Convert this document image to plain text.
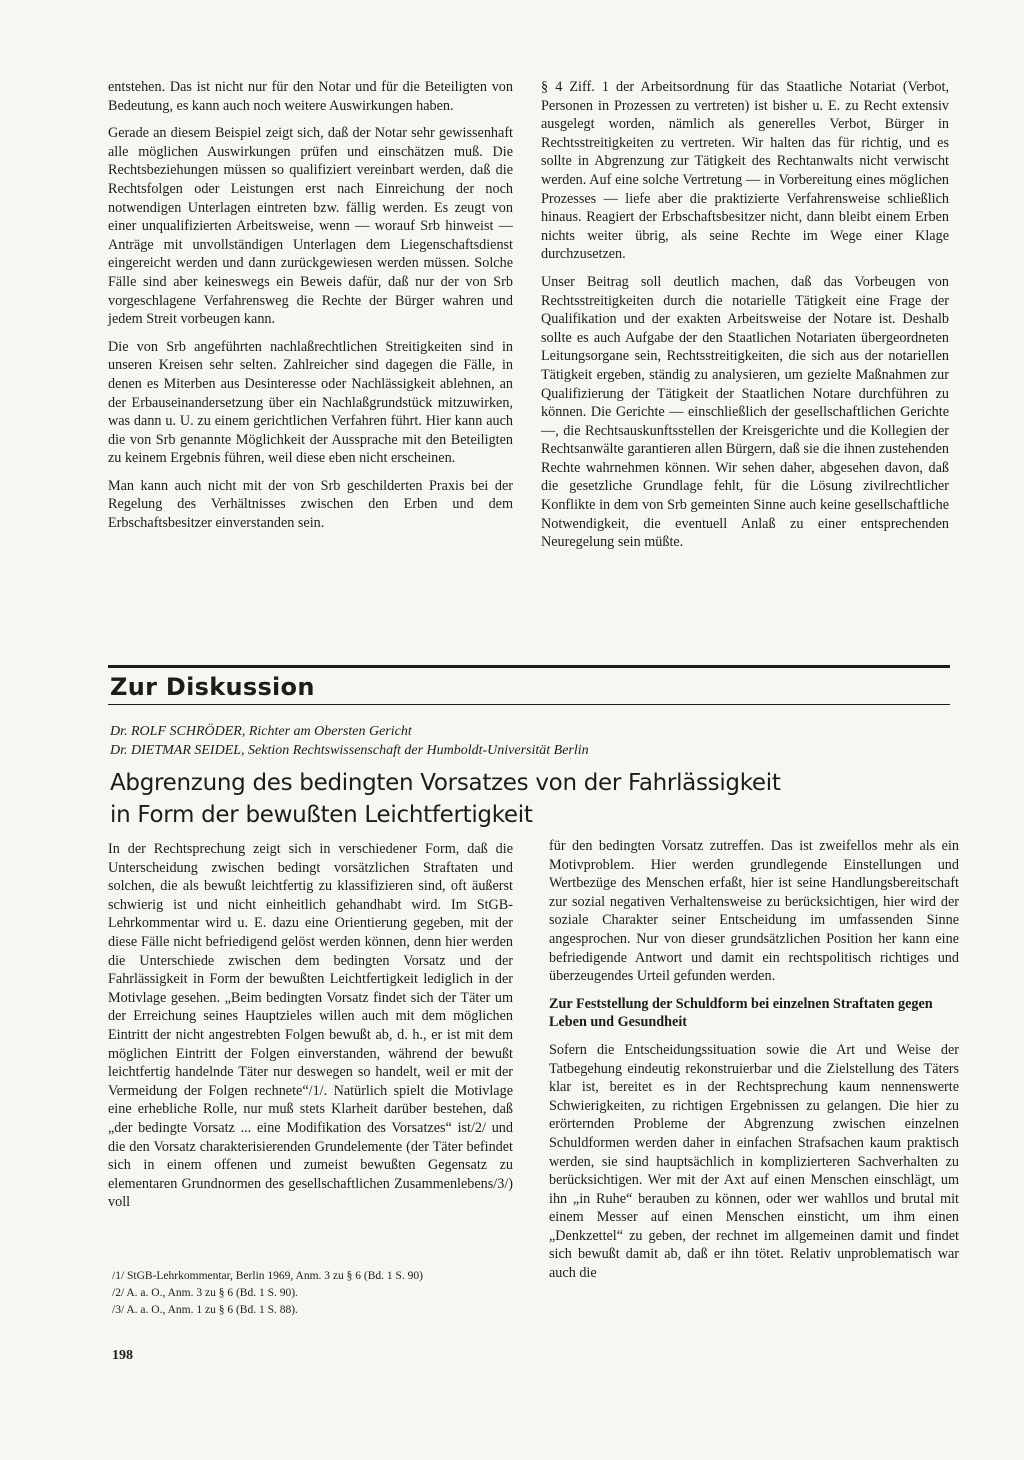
entstehen. Das ist nicht nur für den Notar und für die Beteiligten von Bedeutung, es kann auch noch weitere Auswirkungen haben.

Gerade an diesem Beispiel zeigt sich, daß der Notar sehr gewissenhaft alle möglichen Auswirkungen prüfen und einschätzen muß. Die Rechtsbeziehungen müssen so qualifiziert vereinbart werden, daß die Rechtsfolgen oder Leistungen erst nach Einreichung der noch notwendigen Unterlagen eintreten bzw. fällig werden. Es zeugt von einer unqualifizierten Arbeitsweise, wenn — worauf Srb hinweist — Anträge mit unvollständigen Unterlagen dem Liegenschaftsdienst eingereicht werden und dann zurückgewiesen werden müssen. Solche Fälle sind aber keineswegs ein Beweis dafür, daß nur der von Srb vorgeschlagene Verfahrensweg die Rechte der Bürger wahren und jedem Streit vorbeugen kann.

Die von Srb angeführten nachlaßrechtlichen Streitigkeiten sind in unseren Kreisen sehr selten. Zahlreicher sind dagegen die Fälle, in denen es Miterben aus Desinteresse oder Nachlässigkeit ablehnen, an der Erbauseinandersetzung über ein Nachlaßgrundstück mitzuwirken, was dann u. U. zu einem gerichtlichen Verfahren führt. Hier kann auch die von Srb genannte Möglichkeit der Aussprache mit den Beteiligten zu keinem Ergebnis führen, weil diese eben nicht erscheinen.

Man kann auch nicht mit der von Srb geschilderten Praxis bei der Regelung des Verhältnisses zwischen den Erben und dem Erbschaftsbesitzer einverstanden sein.

§ 4 Ziff. 1 der Arbeitsordnung für das Staatliche Notariat (Verbot, Personen in Prozessen zu vertreten) ist bisher u. E. zu Recht extensiv ausgelegt worden, nämlich als generelles Verbot, Bürger in Rechtsstreitigkeiten zu vertreten. Wir halten das für richtig, und es sollte in Abgrenzung zur Tätigkeit des Rechtanwalts nicht verwischt werden. Auf eine solche Vertretung — in Vorbereitung eines möglichen Prozesses — liefe aber die praktizierte Verfahrensweise schließlich hinaus. Reagiert der Erbschaftsbesitzer nicht, dann bleibt einem Erben nichts weiter übrig, als seine Rechte im Wege einer Klage durchzusetzen.

Unser Beitrag soll deutlich machen, daß das Vorbeugen von Rechtsstreitigkeiten durch die notarielle Tätigkeit eine Frage der Qualifikation und der exakten Arbeitsweise der Notare ist. Deshalb sollte es auch Aufgabe der den Staatlichen Notariaten übergeordneten Leitungsorgane sein, Rechtsstreitigkeiten, die sich aus der notariellen Tätigkeit ergeben, ständig zu analysieren, um gezielte Maßnahmen zur Qualifizierung der Tätigkeit der Staatlichen Notare durchführen zu können. Die Gerichte — einschließlich der gesellschaftlichen Gerichte —, die Rechtsauskunftsstellen der Kreisgerichte und die Kollegien der Rechtsanwälte garantieren allen Bürgern, daß sie die ihnen zustehenden Rechte wahrnehmen können. Wir sehen daher, abgesehen davon, daß die gesetzliche Grundlage fehlt, für die Lösung zivilrechtlicher Konflikte in dem von Srb gemeinten Sinne auch keine gesellschaftliche Notwendigkeit, die eventuell Anlaß zu einer entsprechenden Neuregelung sein müßte.

Zur Diskussion
Dr. ROLF SCHRÖDER, Richter am Obersten Gericht
Dr. DIETMAR SEIDEL, Sektion Rechtswissenschaft der Humboldt-Universität Berlin
Abgrenzung des bedingten Vorsatzes von der Fahrlässigkeit
in Form der bewußten Leichtfertigkeit

In der Rechtsprechung zeigt sich in verschiedener Form, daß die Unterscheidung zwischen bedingt vorsätzlichen Straftaten und solchen, die als bewußt leichtfertig zu klassifizieren sind, oft äußerst schwierig ist und nicht einheitlich gehandhabt wird. Im StGB-Lehrkommentar wird u. E. dazu eine Orientierung gegeben, mit der diese Fälle nicht befriedigend gelöst werden können, denn hier werden die Unterschiede zwischen dem bedingten Vorsatz und der Fahrlässigkeit in Form der bewußten Leichtfertigkeit lediglich in der Motivlage gesehen. „Beim bedingten Vorsatz findet sich der Täter um der Erreichung seines Hauptzieles willen auch mit dem möglichen Eintritt der nicht angestrebten Folgen bewußt ab, d. h., er ist mit dem möglichen Eintritt der Folgen einverstanden, während der bewußt leichtfertig handelnde Täter nur deswegen so handelt, weil er mit der Vermeidung der Folgen rechnete“/1/. Natürlich spielt die Motivlage eine erhebliche Rolle, nur muß stets Klarheit darüber bestehen, daß „der bedingte Vorsatz ... eine Modifikation des Vorsatzes“ ist/2/ und die den Vorsatz charakterisierenden Grundelemente (der Täter befindet sich in einem offenen und zumeist bewußten Gegensatz zu elementaren Grundnormen des gesellschaftlichen Zusammenlebens/3/) voll

/1/ StGB-Lehrkommentar, Berlin 1969, Anm. 3 zu § 6 (Bd. 1 S. 90)
/2/ A. a. O., Anm. 3 zu § 6 (Bd. 1 S. 90).
/3/ A. a. O., Anm. 1 zu § 6 (Bd. 1 S. 88).

für den bedingten Vorsatz zutreffen. Das ist zweifellos mehr als ein Motivproblem. Hier werden grundlegende Einstellungen und Wertbezüge des Menschen erfaßt, hier ist seine Handlungsbereitschaft zur sozial negativen Verhaltensweise zu berücksichtigen, hier wird der soziale Charakter seiner Entscheidung im umfassenden Sinne angesprochen. Nur von dieser grundsätzlichen Position her kann eine befriedigende Antwort und damit ein rechtspolitisch richtiges und überzeugendes Urteil gefunden werden.

Zur Feststellung der Schuldform bei einzelnen Straftaten gegen Leben und Gesundheit

Sofern die Entscheidungssituation sowie die Art und Weise der Tatbegehung eindeutig rekonstruierbar und die Zielstellung des Täters klar ist, bereitet es in der Rechtsprechung kaum nennenswerte Schwierigkeiten, zu richtigen Ergebnissen zu gelangen. Die hier zu erörternden Probleme der Abgrenzung zwischen einzelnen Schuldformen werden daher in einfachen Strafsachen kaum praktisch werden, sie sind hauptsächlich in komplizierteren Sachverhalten zu berücksichtigen. Wer mit der Axt auf einen Menschen einschlägt, um ihn „in Ruhe“ berauben zu können, oder wer wahllos und brutal mit einem Messer auf einen Menschen einsticht, um ihm einen „Denkzettel“ zu geben, der rechnet im allgemeinen damit und findet sich bewußt damit ab, daß er ihn tötet. Relativ unproblematisch war auch die

198
